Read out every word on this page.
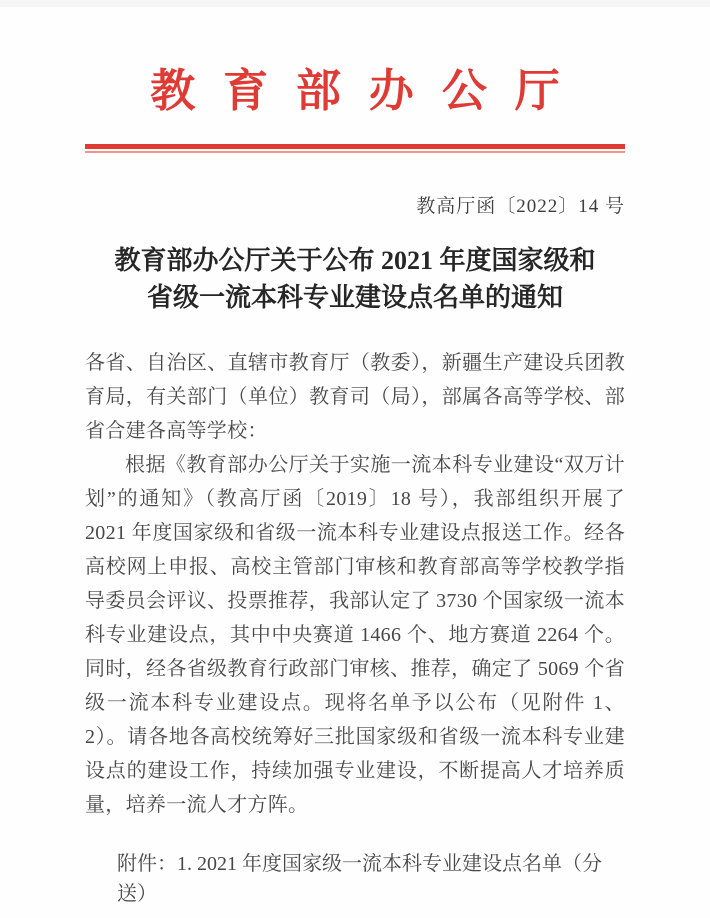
教育部办公厅
教高厅函〔2022〕14 号
教育部办公厅关于公布 2021 年度国家级和
省级一流本科专业建设点名单的通知

各省、自治区、直辖市教育厅（教委），新疆生产建设兵团教育局，有关部门（单位）教育司（局），部属各高等学校、部省合建各高等学校：

根据《教育部办公厅关于实施一流本科专业建设“双万计划”的通知》（教高厅函〔2019〕18 号），我部组织开展了 2021 年度国家级和省级一流本科专业建设点报送工作。经各高校网上申报、高校主管部门审核和教育部高等学校教学指导委员会评议、投票推荐，我部认定了 3730 个国家级一流本科专业建设点，其中中央赛道 1466 个、地方赛道 2264 个。同时，经各省级教育行政部门审核、推荐，确定了 5069 个省级一流本科专业建设点。现将名单予以公布（见附件 1、2）。请各地各高校统筹好三批国家级和省级一流本科专业建设点的建设工作，持续加强专业建设，不断提高人才培养质量，培养一流人才方阵。

附件：1. 2021 年度国家级一流本科专业建设点名单（分送）
